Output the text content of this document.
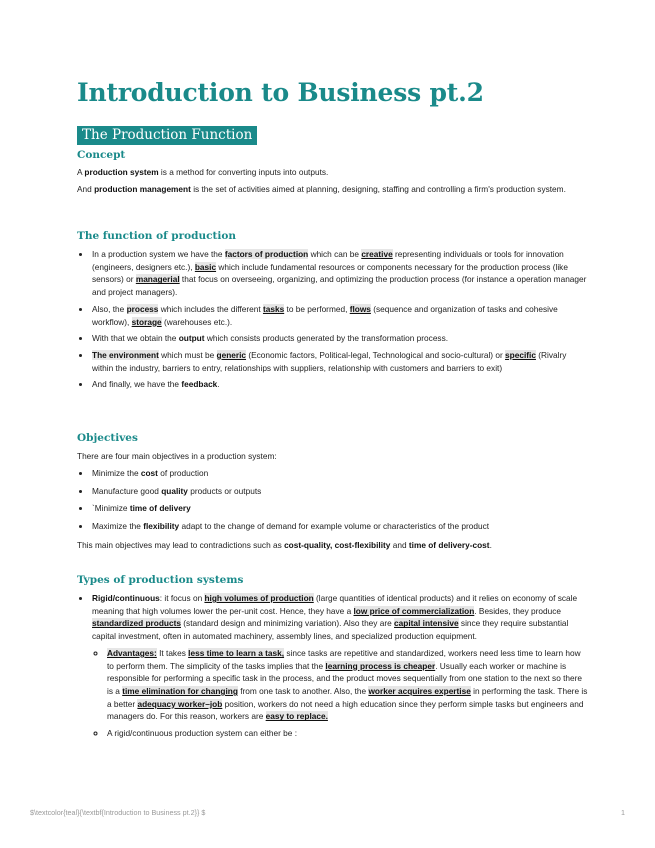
Introduction to Business pt.2
The Production Function
Concept
A production system is a method for converting inputs into outputs.
And production management is the set of activities aimed at planning, designing, staffing and controlling a firm's production system.
The function of production
• In a production system we have the factors of production which can be creative representing individuals or tools for innovation (engineers, designers etc.), basic which include fundamental resources or components necessary for the production process (like sensors) or managerial that focus on overseeing, organizing, and optimizing the production process (for instance a operation manager and project managers).
• Also, the process which includes the different tasks to be performed, flows (sequence and organization of tasks and cohesive workflow), storage (warehouses etc.).
• With that we obtain the output which consists products generated by the transformation process.
• The environment which must be generic (Economic factors, Political-legal, Technological and socio-cultural) or specific (Rivalry within the industry, barriers to entry, relationships with suppliers, relationship with customers and barriers to exit)
• And finally, we have the feedback.
Objectives
There are four main objectives in a production system:
• Minimize the cost of production
• Manufacture good quality products or outputs
• `Minimize time of delivery
• Maximize the flexibility adapt to the change of demand for example volume or characteristics of the product
This main objectives may lead to contradictions such as cost-quality, cost-flexibility and time of delivery-cost.
Types of production systems
• Rigid/continuous: it focus on high volumes of production (large quantities of identical products) and it relies on economy of scale meaning that high volumes lower the per-unit cost. Hence, they have a low price of commercialization. Besides, they produce standardized products (standard design and minimizing variation). Also they are capital intensive since they require substantial capital investment, often in automated machinery, assembly lines, and specialized production equipment.
◦ Advantages: It takes less time to learn a task, since tasks are repetitive and standardized, workers need less time to learn how to perform them. The simplicity of the tasks implies that the learning process is cheaper. Usually each worker or machine is responsible for performing a specific task in the process, and the product moves sequentially from one station to the next so there is a time elimination for changing from one task to another. Also, the worker acquires expertise in performing the task. There is a better adequacy worker–job position, workers do not need a high education since they perform simple tasks but engineers and managers do. For this reason, workers are easy to replace.
◦ A rigid/continuous production system can either be :
$\textcolor{teal}{\textbf{Introduction to Business pt.2}} $	1
